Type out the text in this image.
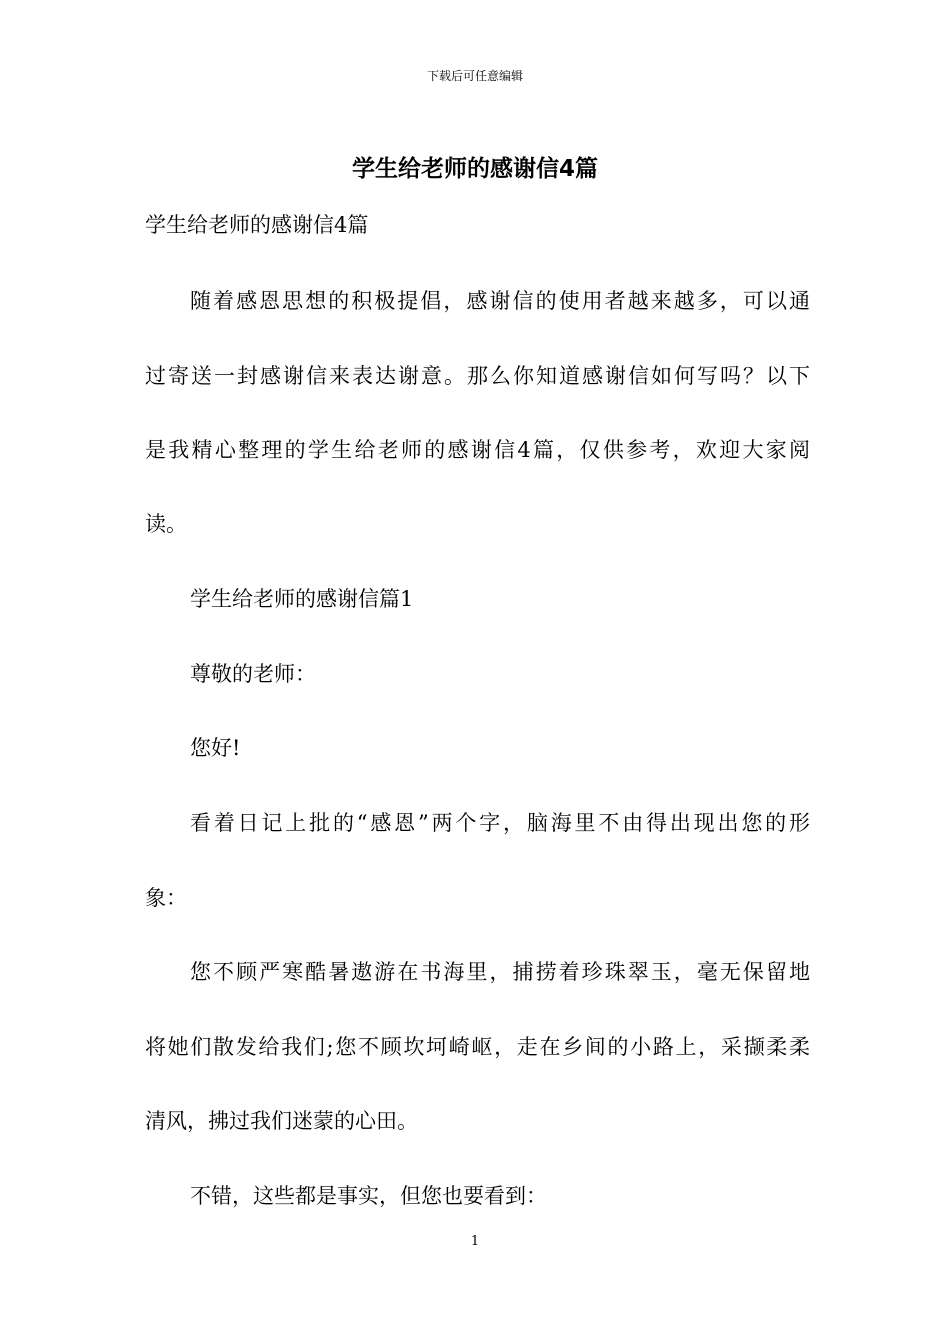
下载后可任意编辑
学生给老师的感谢信4篇

学生给老师的感谢信4篇

随着感恩思想的积极提倡，感谢信的使用者越来越多，可以通

过寄送一封感谢信来表达谢意。那么你知道感谢信如何写吗？以下

是我精心整理的学生给老师的感谢信4篇，仅供参考，欢迎大家阅

读。

学生给老师的感谢信篇1

尊敬的老师：

您好!

看着日记上批的“感恩”两个字，脑海里不由得出现出您的形

象：

您不顾严寒酷暑遨游在书海里，捕捞着珍珠翠玉，毫无保留地

将她们散发给我们;您不顾坎坷崎岖，走在乡间的小路上，采撷柔柔

清风，拂过我们迷蒙的心田。

不错，这些都是事实，但您也要看到：

1
